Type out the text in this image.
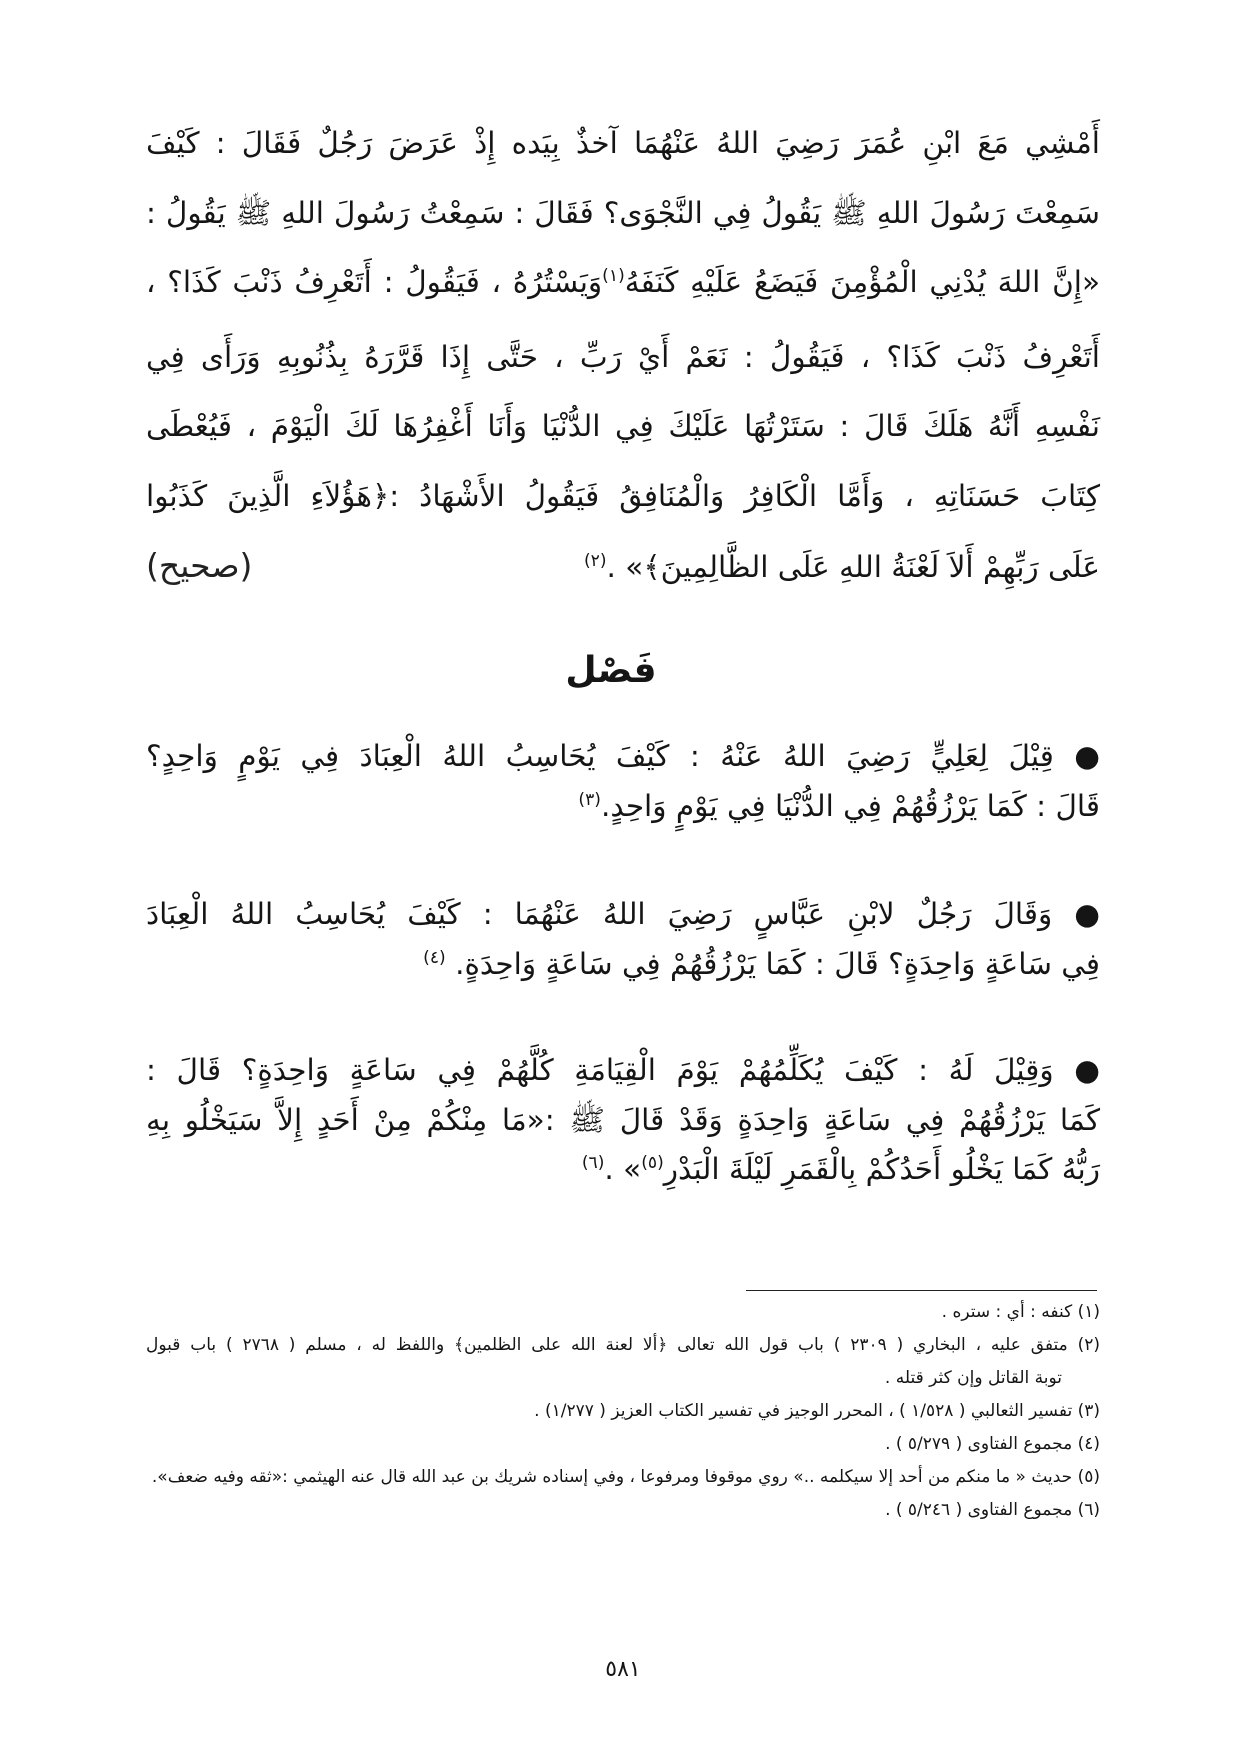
أَمْشِي مَعَ ابْنِ عُمَرَ رَضِيَ اللهُ عَنْهُمَا آخذٌ بِيَده إِذْ عَرَضَ رَجُلٌ فَقَالَ : كَيْفَ
سَمِعْتَ رَسُولَ اللهِ ﷺ يَقُولُ فِي النَّجْوَى؟ فَقَالَ : سَمِعْتُ رَسُولَ اللهِ ﷺ يَقُولُ :
«إِنَّ اللهَ يُدْنِي الْمُؤْمِنَ فَيَضَعُ عَلَيْهِ كَنَفَهُ$^{(١)}$وَيَسْتُرُهُ ، فَيَقُولُ : أَتَعْرِفُ ذَنْبَ كَذَا؟ ،
أَتَعْرِفُ ذَنْبَ كَذَا؟ ، فَيَقُولُ : نَعَمْ أَيْ رَبِّ ، حَتَّى إِذَا قَرَّرَهُ بِذُنُوبِهِ وَرَأَى فِي
نَفْسِهِ أَنَّهُ هَلَكَ قَالَ : سَتَرْتُهَا عَلَيْكَ فِي الدُّنْيَا وَأَنَا أَغْفِرُهَا لَكَ الْيَوْمَ ، فَيُعْطَى
كِتَابَ حَسَنَاتِهِ ، وَأَمَّا الْكَافِرُ وَالْمُنَافِقُ فَيَقُولُ الأَشْهَادُ :﴿هَؤُلاَءِ الَّذِينَ كَذَبُوا
عَلَى رَبِّهِمْ أَلاَ لَعْنَةُ اللهِ عَلَى الظَّالِمِينَ﴾» .$^{(٢)}$
(صحيح)
فَصْل
● قِيْلَ لِعَلِيٍّ رَضِيَ اللهُ عَنْهُ : كَيْفَ يُحَاسِبُ اللهُ الْعِبَادَ فِي يَوْمٍ وَاحِدٍ؟
قَالَ : كَمَا يَرْزُقُهُمْ فِي الدُّنْيَا فِي يَوْمٍ وَاحِدٍ.$^{(٣)}$
● وَقَالَ رَجُلٌ لابْنِ عَبَّاسٍ رَضِيَ اللهُ عَنْهُمَا : كَيْفَ يُحَاسِبُ اللهُ الْعِبَادَ
فِي سَاعَةٍ وَاحِدَةٍ؟ قَالَ : كَمَا يَرْزُقُهُمْ فِي سَاعَةٍ وَاحِدَةٍ. $^{(٤)}$
● وَقِيْلَ لَهُ : كَيْفَ يُكَلِّمُهُمْ يَوْمَ الْقِيَامَةِ كُلَّهُمْ فِي سَاعَةٍ وَاحِدَةٍ؟ قَالَ :
كَمَا يَرْزُقُهُمْ فِي سَاعَةٍ وَاحِدَةٍ وَقَدْ قَالَ ﷺ :«مَا مِنْكُمْ مِنْ أَحَدٍ إِلاَّ سَيَخْلُو بِهِ
رَبُّهُ كَمَا يَخْلُو أَحَدُكُمْ بِالْقَمَرِ لَيْلَةَ الْبَدْرِ$^{(٥)}$» .$^{(٦)}$
(١) كنفه : أي : ستره .
(٢) متفق عليه ، البخاري ( ٢٣٠٩ ) باب قول الله تعالى ﴿ألا لعنة الله على الظلمين﴾ واللفظ له ، مسلم ( ٢٧٦٨ ) باب قبول
توبة القاتل وإن كثر قتله .
(٣) تفسير الثعالبي ( ١/٥٢٨ ) ، المحرر الوجيز في تفسير الكتاب العزيز ( ١/٢٧٧) .
(٤) مجموع الفتاوى ( ٥/٢٧٩ ) .
(٥) حديث « ما منكم من أحد إلا سيكلمه ..» روي موقوفا ومرفوعا ، وفي إسناده شريك بن عبد الله قال عنه الهيثمي :«ثقه وفيه ضعف».
(٦) مجموع الفتاوى ( ٥/٢٤٦ ) .
٥٨١
